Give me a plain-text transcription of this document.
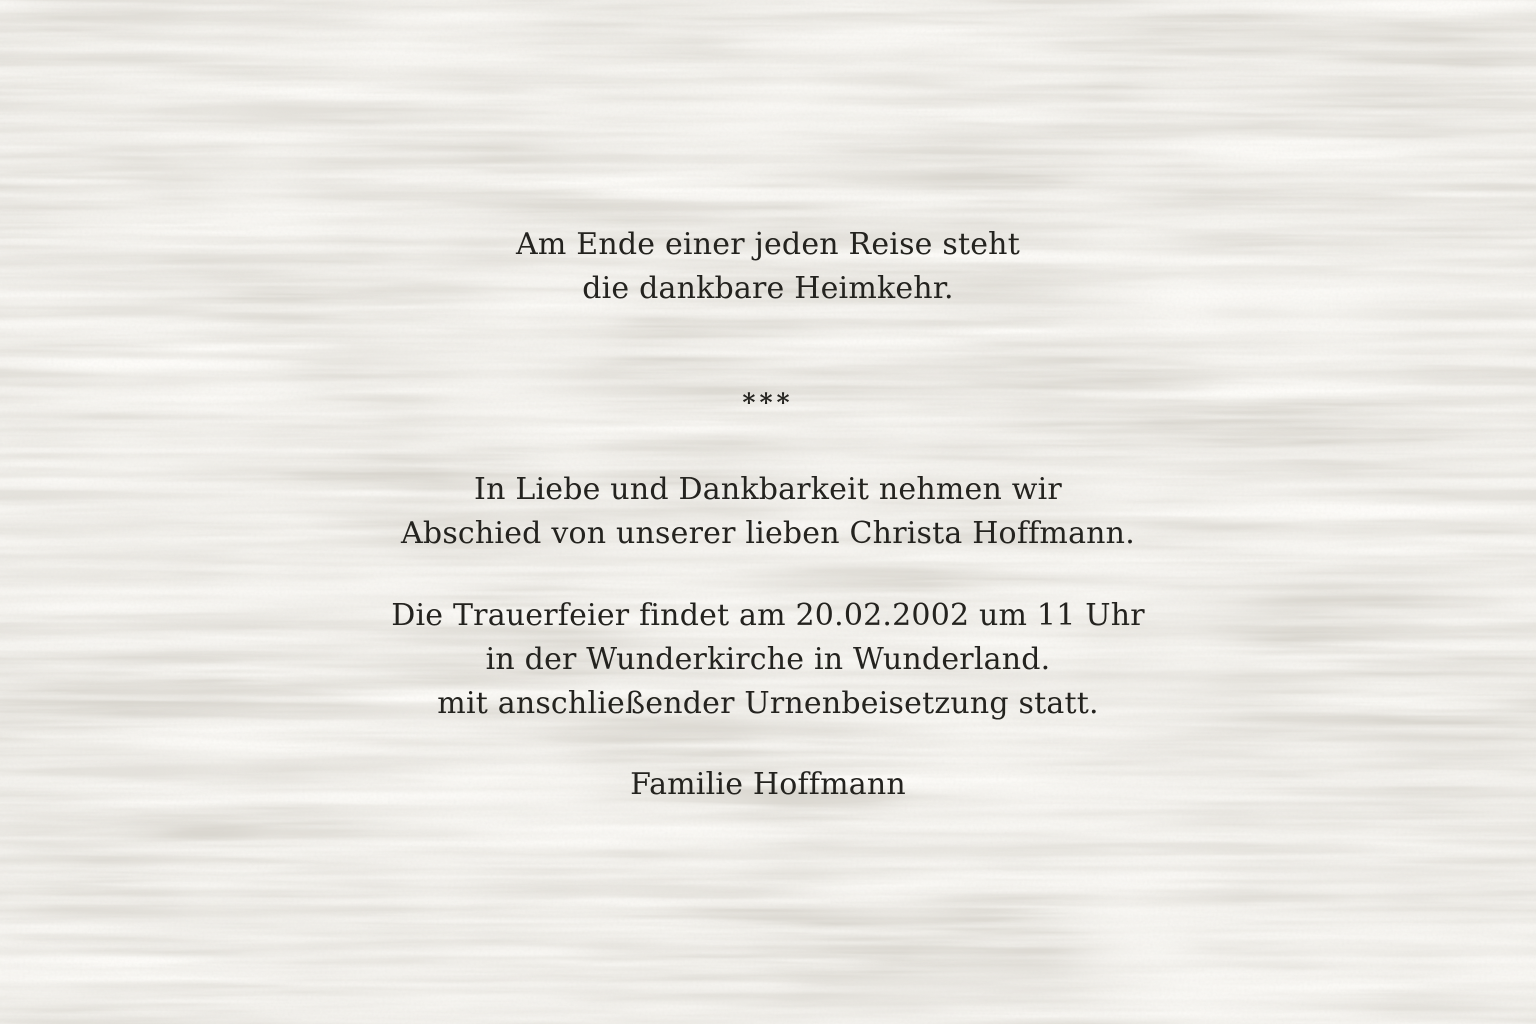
Am Ende einer jeden Reise steht
die dankbare Heimkehr.

***

In Liebe und Dankbarkeit nehmen wir
Abschied von unserer lieben Christa Hoffmann.

Die Trauerfeier findet am 20.02.2002 um 11 Uhr
in der Wunderkirche in Wunderland.
mit anschließender Urnenbeisetzung statt.

Familie Hoffmann
